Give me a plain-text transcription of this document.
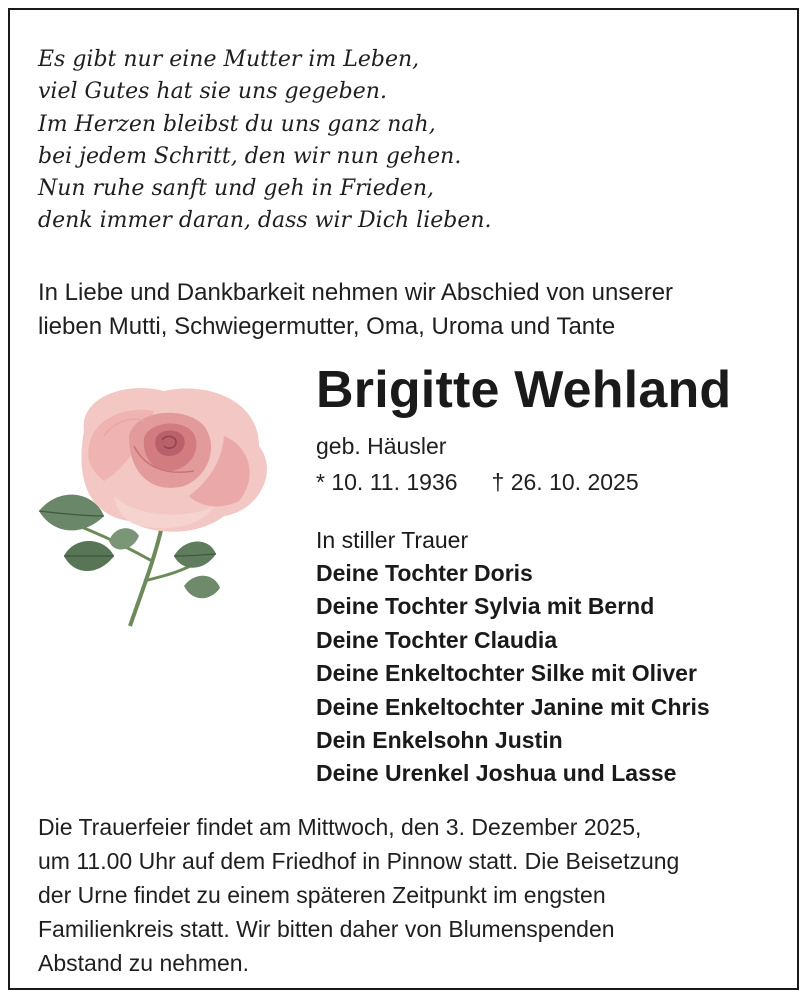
Es gibt nur eine Mutter im Leben,
viel Gutes hat sie uns gegeben.
Im Herzen bleibst du uns ganz nah,
bei jedem Schritt, den wir nun gehen.
Nun ruhe sanft und geh in Frieden,
denk immer daran, dass wir Dich lieben.
In Liebe und Dankbarkeit nehmen wir Abschied von unserer
lieben Mutti, Schwiegermutter, Oma, Uroma und Tante
Brigitte Wehland
geb. Häusler
* 10. 11. 1936 † 26. 10. 2025
In stiller Trauer
Deine Tochter Doris
Deine Tochter Sylvia mit Bernd
Deine Tochter Claudia
Deine Enkeltochter Silke mit Oliver
Deine Enkeltochter Janine mit Chris
Dein Enkelsohn Justin
Deine Urenkel Joshua und Lasse
Die Trauerfeier findet am Mittwoch, den 3. Dezember 2025,
um 11.00 Uhr auf dem Friedhof in Pinnow statt. Die Beisetzung
der Urne findet zu einem späteren Zeitpunkt im engsten
Familienkreis statt. Wir bitten daher von Blumenspenden
Abstand zu nehmen.
